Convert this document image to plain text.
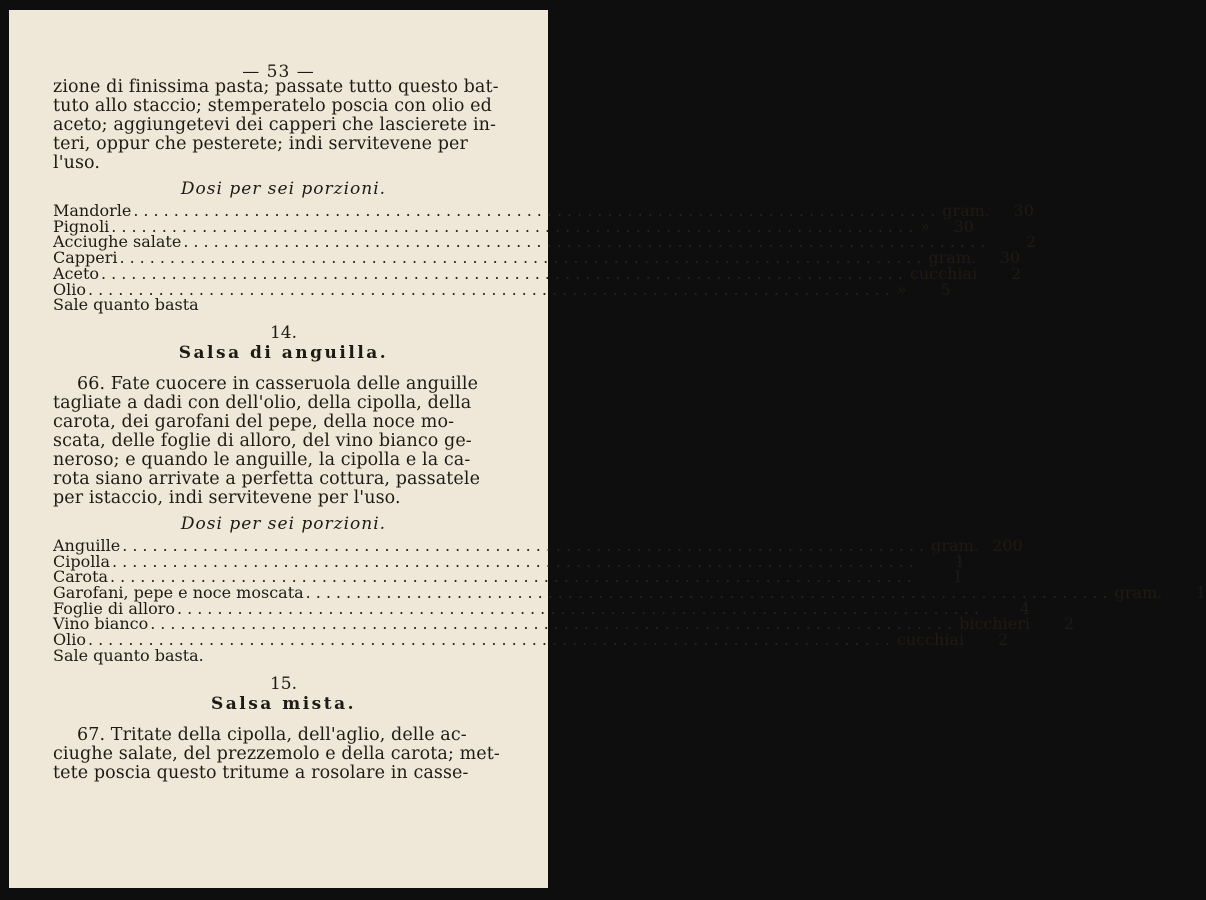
— 53 —

zione di finissima pasta; passate tutto questo bat-
tuto allo staccio; stemperatelo poscia con olio ed
aceto; aggiungetevi dei capperi che lascierete in-
teri, oppur che pesterete; indi servitevene per
l'uso.

Dosi per sei porzioni.
Mandorle ................................................................................ gram.	30
Pignoli ................................................................................ »	30
Acciughe salate ................................................................................	2
Capperi ................................................................................ gram.	30
Aceto ................................................................................ cucchiai	2
Olio ................................................................................ »	5
Sale quanto basta
14.
Salsa di anguilla.

66. Fate cuocere in casseruola delle anguille
tagliate a dadi con dell'olio, della cipolla, della
carota, dei garofani del pepe, della noce mo-
scata, delle foglie di alloro, del vino bianco ge-
neroso; e quando le anguille, la cipolla e la ca-
rota siano arrivate a perfetta cottura, passatele
per istaccio, indi servitevene per l'uso.

Dosi per sei porzioni.
Anguille ................................................................................ gram. 200
Cipolla ................................................................................	1
Carota ................................................................................	1
Garofani, pepe e noce moscata ................................................................................ gram.	1
Foglie di alloro ................................................................................	4
Vino bianco ................................................................................ bicchieri	2
Olio ................................................................................ cucchiai	2
Sale quanto basta.
15.
Salsa mista.

67. Tritate della cipolla, dell'aglio, delle ac-
ciughe salate, del prezzemolo e della carota; met-
tete poscia questo tritume a rosolare in casse-
